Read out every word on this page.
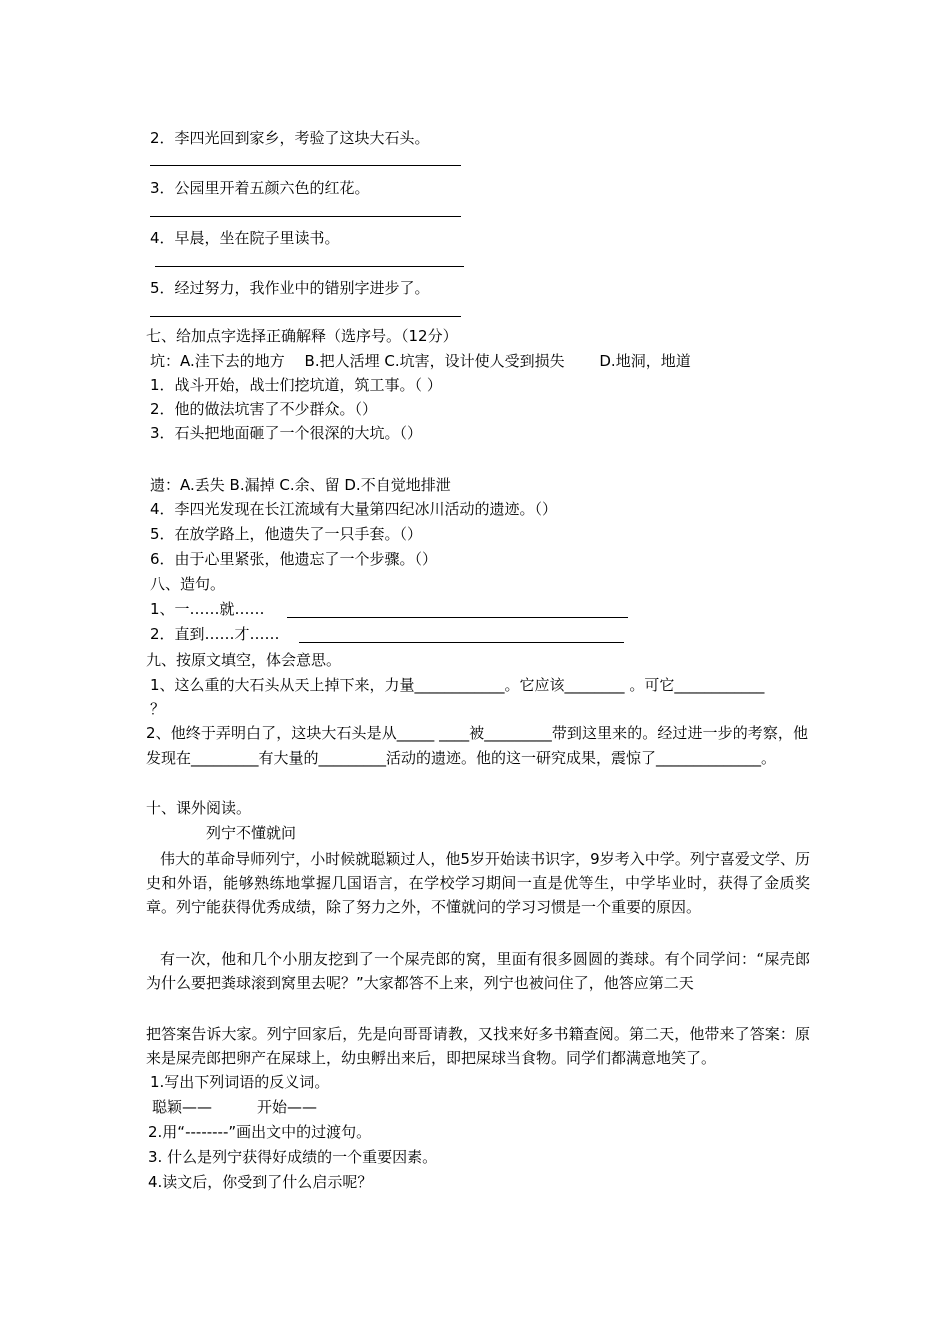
2．李四光回到家乡，考验了这块大石头。
3．公园里开着五颜六色的红花。
4．早晨，坐在院子里读书。
5．经过努力，我作业中的错别字进步了。
七、给加点字选择正确解释（选序号。（12分）
坑：A.洼下去的地方 　B.把人活埋 C.坑害，设计使人受到损失 　　D.地洞，地道
1．战斗开始，战士们挖坑道，筑工事。（ ）
2．他的做法坑害了不少群众。（）
3．石头把地面砸了一个很深的大坑。（）
遗：A.丢失 B.漏掉 C.余、留 D.不自觉地排泄
4．李四光发现在长江流域有大量第四纪冰川活动的遗迹。（）
5．在放学路上，他遗失了一只手套。（）
6．由于心里紧张，他遗忘了一个步骤。（）
八、造句。
1、一……就……
2．直到……才……
九、按原文填空，体会意思。
1、这么重的大石头从天上掉下来，力量____________。它应该________ 。可它____________
？
2、他终于弄明白了，这块大石头是从_____ ____被_________带到这里来的。经过进一步的考察，他发现在_________有大量的_________活动的遗迹。他的这一研究成果，震惊了______________。
十、课外阅读。
列宁不懂就问
伟大的革命导师列宁，小时候就聪颖过人，他5岁开始读书识字，9岁考入中学。列宁喜爱文学、历史和外语，能够熟练地掌握几国语言，在学校学习期间一直是优等生，中学毕业时，获得了金质奖章。列宁能获得优秀成绩，除了努力之外，不懂就问的学习习惯是一个重要的原因。
有一次，他和几个小朋友挖到了一个屎壳郎的窝，里面有很多圆圆的粪球。有个同学问：“屎壳郎为什么要把粪球滚到窝里去呢？”大家都答不上来，列宁也被问住了，他答应第二天
把答案告诉大家。列宁回家后，先是向哥哥请教，又找来好多书籍查阅。第二天，他带来了答案：原来是屎壳郎把卵产在屎球上，幼虫孵出来后，即把屎球当食物。同学们都满意地笑了。
1.写出下列词语的反义词。
聪颖——　　　开始——
2.用“--------”画出文中的过渡句。
3. 什么是列宁获得好成绩的一个重要因素。
4.读文后，你受到了什么启示呢？
